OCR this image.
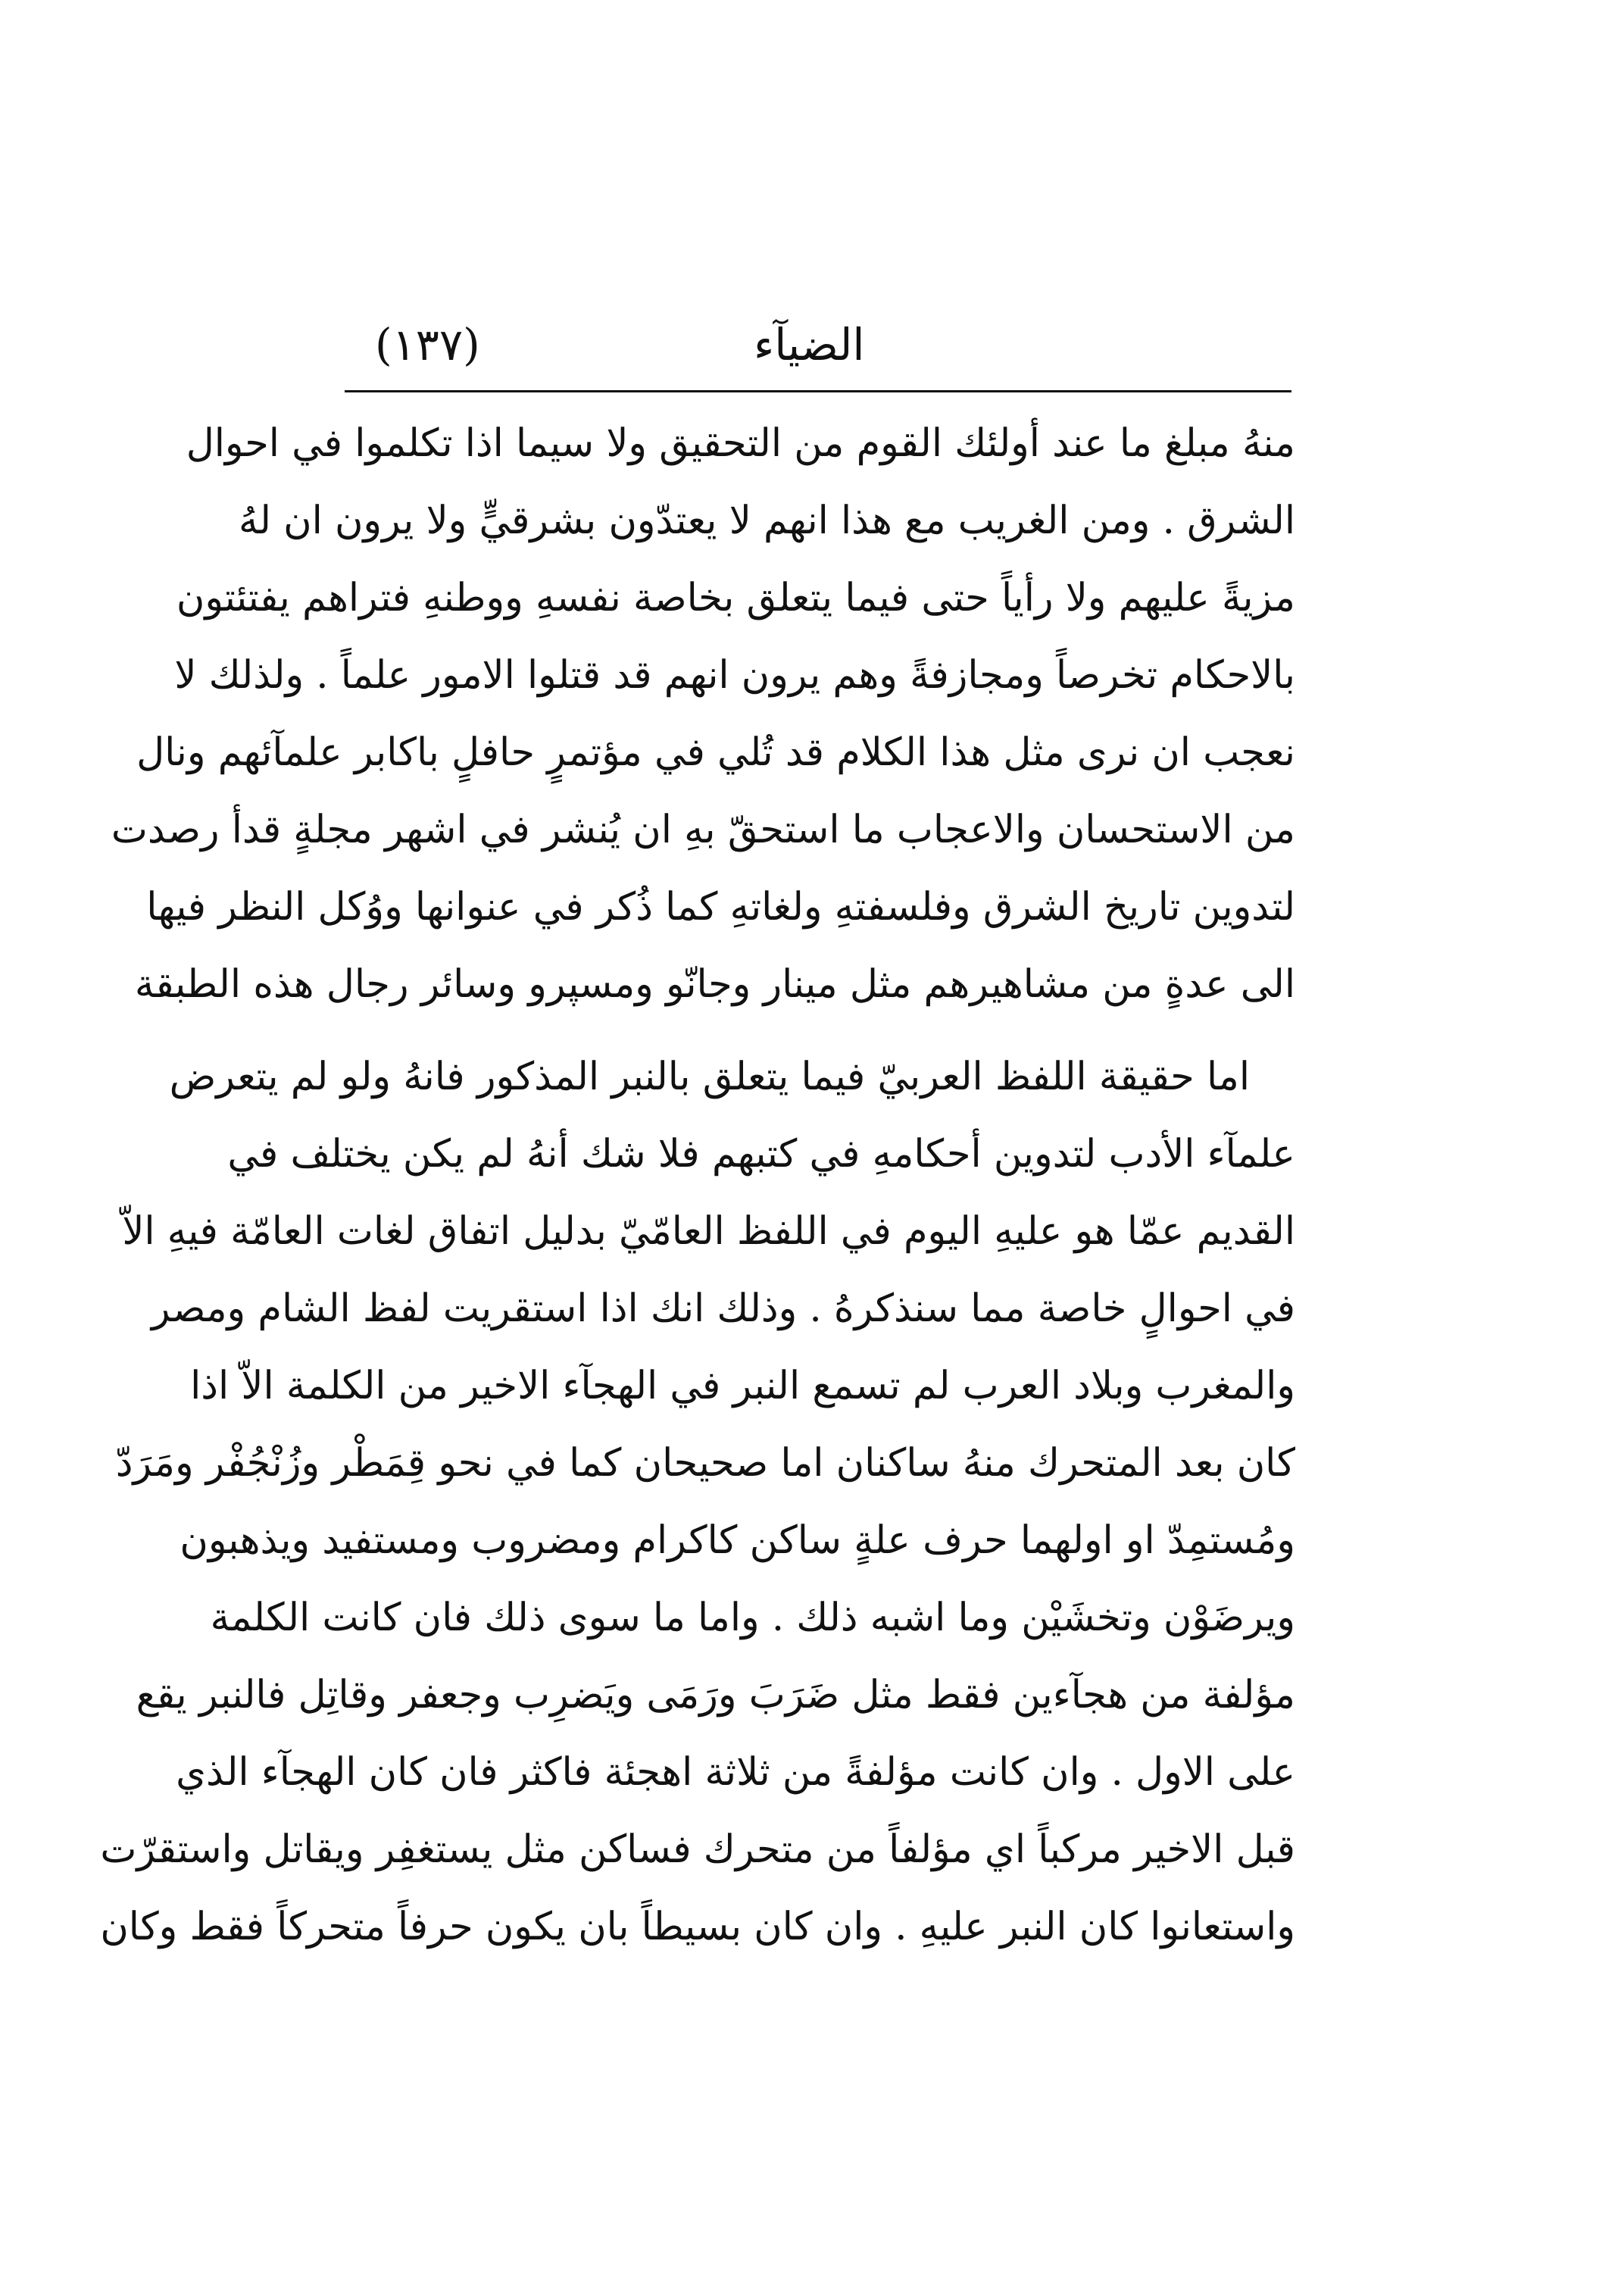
(١٣٧)	الضيآء
منهُ مبلغ ما عند أولئك القوم من التحقيق ولا سيما اذا تكلموا في احوال
الشرق . ومن الغريب مع هذا انهم لا يعتدّون بشرقيٍّ ولا يرون ان لهُ
مزيةً عليهم ولا رأياً حتى فيما يتعلق بخاصة نفسهِ ووطنهِ فتراهم يفتئتون
بالاحكام تخرصاً ومجازفةً وهم يرون انهم قد قتلوا الامور علماً . ولذلك لا
نعجب ان نرى مثل هذا الكلام قد تُلي في مؤتمرٍ حافلٍ باكابر علمآئهم ونال
من الاستحسان والاعجاب ما استحقّ بهِ ان يُنشر في اشهر مجلةٍ قدأ رصدت
لتدوين تاريخ الشرق وفلسفتهِ ولغاتهِ كما ذُكر في عنوانها ووُكل النظر فيها
الى عدةٍ من مشاهيرهم مثل مينار وجانّو ومسپرو وسائر رجال هذه الطبقة
اما حقيقة اللفظ العربيّ فيما يتعلق بالنبر المذكور فانهُ ولو لم يتعرض
علمآء الأدب لتدوين أحكامهِ في كتبهم فلا شك أنهُ لم يكن يختلف في
القديم عمّا هو عليهِ اليوم في اللفظ العامّيّ بدليل اتفاق لغات العامّة فيهِ الاّ
في احوالٍ خاصة مما سنذكرهُ . وذلك انك اذا استقريت لفظ الشام ومصر
والمغرب وبلاد العرب لم تسمع النبر في الهجآء الاخير من الكلمة الاّ اذا
كان بعد المتحرك منهُ ساكنان اما صحيحان كما في نحو قِمَطْر وزُنْجُفْر ومَرَدّ
ومُستمِدّ او اولهما حرف علةٍ ساكن كاكرام ومضروب ومستفيد ويذهبون
ويرضَوْن وتخشَيْن وما اشبه ذلك . واما ما سوى ذلك فان كانت الكلمة
مؤلفة من هجآءين فقط مثل ضَرَبَ ورَمَى ويَضرِب وجعفر وقاتِل فالنبر يقع
على الاول . وان كانت مؤلفةً من ثلاثة اهجئة فاكثر فان كان الهجآء الذي
قبل الاخير مركباً اي مؤلفاً من متحرك فساكن مثل يستغفِر ويقاتل واستقرّت
واستعانوا كان النبر عليهِ . وان كان بسيطاً بان يكون حرفاً متحركاً فقط وكان
